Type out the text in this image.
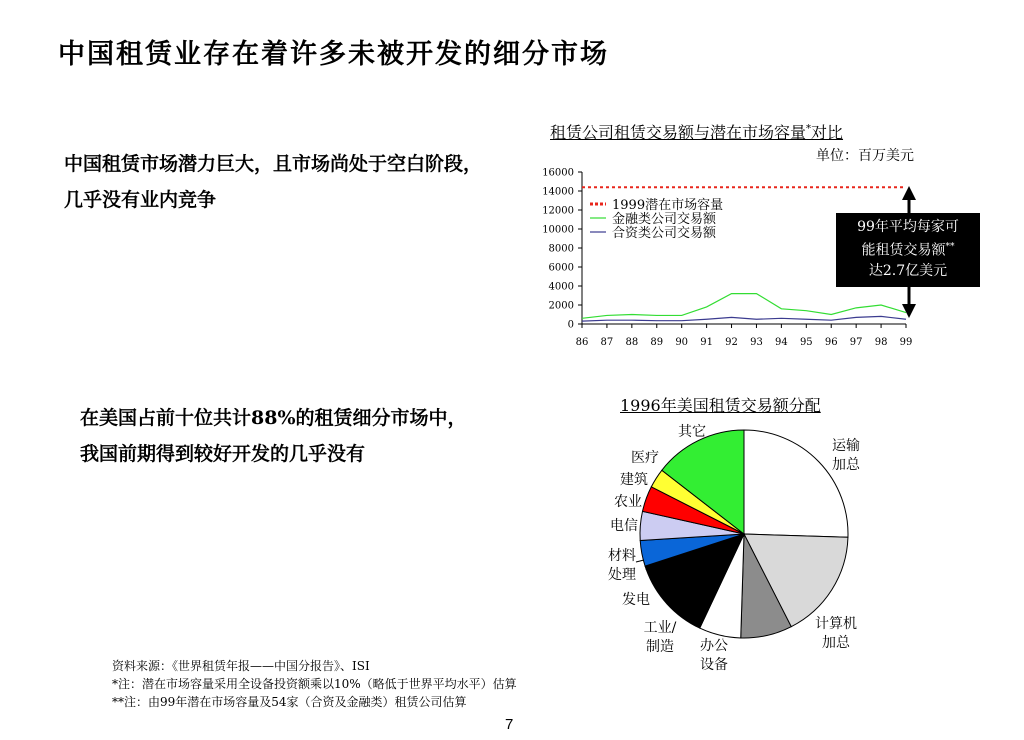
中国租赁业存在着许多未被开发的细分市场
中国租赁市场潜力巨大，且市场尚处于空白阶段，几乎没有业内竞争
在美国占前十位共计88%的租赁细分市场中，我国前期得到较好开发的几乎没有
租赁公司租赁交易额与潜在市场容量*对比
单位：百万美元
0
2000
4000
6000
8000
10000
12000
14000
16000
86 87 88 89 90 91 92 93 94 95 96 97 98 99
1999潜在市场容量
金融类公司交易额
合资类公司交易额
运输加总
计算机加总
办公设备
工业/制造
发电
材料处理
电信
农业
建筑
医疗
其它
99年平均每家可
能租赁交易额**
达2.7亿美元
1996年美国租赁交易额分配
资料来源：《世界租赁年报——中国分报告》、ISI
*注：潜在市场容量采用全设备投资额乘以10%（略低于世界平均水平）估算
**注：由99年潜在市场容量及54家（合资及金融类）租赁公司估算
7
